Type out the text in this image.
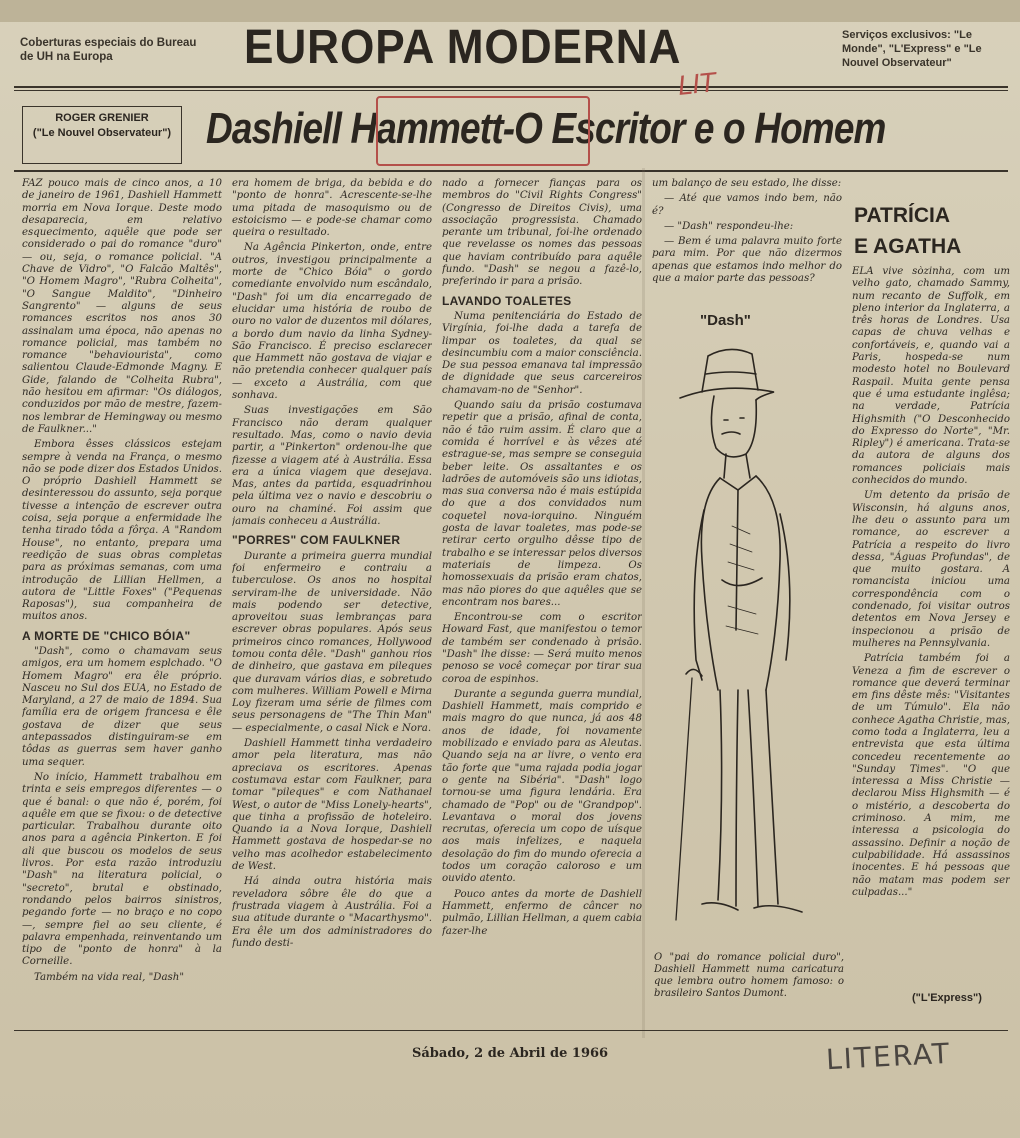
Coberturas especiais do Bureau de UH na Europa	EUROPA MODERNA	Serviços exclusivos: "Le Monde", "L'Express" e "Le Nouvel Observateur"
ROGER GRENIER
("Le Nouvel Observateur") Dashiell Hammett-O Escritor e o Homem
LIT

FAZ pouco mais de cinco anos, a 10 de janeiro de 1961, Dashiell Hammett morria em Nova Iorque. Deste modo desaparecia, em relativo esquecimento, aquêle que pode ser considerado o pai do romance "duro" — ou, seja, o romance policial. "A Chave de Vidro", "O Falcão Maltês", "O Homem Magro", "Rubra Colheita", "O Sangue Maldito", "Dinheiro Sangrento" — alguns de seus romances escritos nos anos 30 assinalam uma época, não apenas no romance policial, mas também no romance "behaviourista", como salientou Claude-Edmonde Magny. E Gide, falando de "Colheita Rubra", não hesitou em afirmar: "Os diálogos, conduzidos por mão de mestre, fazem-nos lembrar de Hemingway ou mesmo de Faulkner..."

Embora êsses clássicos estejam sempre à venda na França, o mesmo não se pode dizer dos Estados Unidos. O próprio Dashiell Hammett se desinteressou do assunto, seja porque tivesse a intenção de escrever outra coisa, seja porque a enfermidade lhe tenha tirado tôda a fôrça. A "Random House", no entanto, prepara uma reedição de suas obras completas para as próximas semanas, com uma introdução de Lillian Hellmen, a autora de "Little Foxes" ("Pequenas Raposas"), sua companheira de muitos anos.

A MORTE DE "CHICO BÓIA"

"Dash", como o chamavam seus amigos, era um homem esplchado. "O Homem Magro" era êle próprio. Nasceu no Sul dos EUA, no Estado de Maryland, a 27 de maio de 1894. Sua família era de origem francesa e êle gostava de dizer que seus antepassados distinguiram-se em tôdas as guerras sem haver ganho uma sequer.

No início, Hammett trabalhou em trinta e seis empregos diferentes — o que é banal: o que não é, porém, foi aquêle em que se fixou: o de detective particular. Trabalhou durante oito anos para a agência Pinkerton. E foi ali que buscou os modelos de seus livros. Por esta razão introduziu "Dash" na literatura policial, o "secreto", brutal e obstinado, rondando pelos bairros sinistros, pegando forte — no braço e no copo —, sempre fiel ao seu cliente, é palavra empenhada, reinventando um tipo de "ponto de honra" à la Corneille.

Também na vida real, "Dash"

era homem de briga, da bebida e do "ponto de honra". Acrescente-se-lhe uma pitada de masoquismo ou de estoicismo — e pode-se chamar como queira o resultado.

Na Agência Pinkerton, onde, entre outros, investigou principalmente a morte de "Chico Bóia" o gordo comediante envolvido num escândalo, "Dash" foi um dia encarregado de elucidar uma história de roubo de ouro no valor de duzentos mil dólares, a bordo dum navio da linha Sydney-São Francisco. É preciso esclarecer que Hammett não gostava de viajar e não pretendia conhecer qualquer país — exceto a Austrália, com que sonhava.

Suas investigações em São Francisco não deram qualquer resultado. Mas, como o navio devia partir, a "Pinkerton" ordenou-lhe que fizesse a viagem até à Austrália. Essa era a única viagem que desejava. Mas, antes da partida, esquadrinhou pela última vez o navio e descobriu o ouro na chaminé. Foi assim que jamais conheceu a Austrália.

"PORRES" COM FAULKNER

Durante a primeira guerra mundial foi enfermeiro e contraiu a tuberculose. Os anos no hospital serviram-lhe de universidade. Não mais podendo ser detective, aproveitou suas lembranças para escrever obras populares. Após seus primeiros cinco romances, Hollywood tomou conta dêle. "Dash" ganhou rios de dinheiro, que gastava em pileques que duravam vários dias, e sobretudo com mulheres. William Powell e Mirna Loy fizeram uma série de filmes com seus personagens de "The Thin Man" — especialmente, o casal Nick e Nora.

Dashiell Hammett tinha verdadeiro amor pela literatura, mas não apreciava os escritores. Apenas costumava estar com Faulkner, para tomar "pileques" e com Nathanael West, o autor de "Miss Lonely-hearts", que tinha a profissão de hoteleiro. Quando ia a Nova Iorque, Dashiell Hammett gostava de hospedar-se no velho mas acolhedor estabelecimento de West.

Há ainda outra história mais reveladora sôbre êle do que a frustrada viagem à Austrália. Foi a sua atitude durante o "Macarthysmo". Era êle um dos administradores do fundo desti-

nado a fornecer fianças para os membros do "Civil Rights Congress" (Congresso de Direitos Civis), uma associação progressista. Chamado perante um tribunal, foi-lhe ordenado que revelasse os nomes das pessoas que haviam contribuído para aquêle fundo. "Dash" se negou a fazê-lo, preferindo ir para a prisão.

LAVANDO TOALETES

Numa penitenciária do Estado de Virgínia, foi-lhe dada a tarefa de limpar os toaletes, da qual se desincumbiu com a maior consciência. De sua pessoa emanava tal impressão de dignidade que seus carcereiros chamavam-no de "Senhor".

Quando saiu da prisão costumava repetir que a prisão, afinal de conta, não é tão ruim assim. É claro que a comida é horrível e às vêzes até estrague-se, mas sempre se conseguia beber leite. Os assaltantes e os ladrões de automóveis são uns idiotas, mas sua conversa não é mais estúpida do que a dos convidados num coquetel nova-iorquino. Ninguém gosta de lavar toaletes, mas pode-se retirar certo orgulho dêsse tipo de trabalho e se interessar pelos diversos materiais de limpeza. Os homossexuais da prisão eram chatos, mas não piores do que aquêles que se encontram nos bares...

Encontrou-se com o escritor Howard Fast, que manifestou o temor de também ser condenado à prisão. "Dash" lhe disse: — Será muito menos penoso se você começar por tirar sua coroa de espinhos.

Durante a segunda guerra mundial, Dashiell Hammett, mais comprido e mais magro do que nunca, já aos 48 anos de idade, foi novamente mobilizado e enviado para as Aleutas. Quando seja na ar livre, o vento era tão forte que "uma rajada podia jogar o gente na Sibéria". "Dash" logo tornou-se uma figura lendária. Era chamado de "Pop" ou de "Grandpop". Levantava o moral dos jovens recrutas, oferecia um copo de uísque aos mais infelizes, e naquela desolação do fim do mundo oferecia a todos um coração caloroso e um ouvido atento.

Pouco antes da morte de Dashiell Hammett, enfermo de câncer no pulmão, Lillian Hellman, a quem cabia fazer-lhe

um balanço de seu estado, lhe disse:

— Até que vamos indo bem, não é?

— "Dash" respondeu-lhe:

— Bem é uma palavra muito forte para mim. Por que não dizermos apenas que estamos indo melhor do que a maior parte das pessoas?

"Dash"
O "pai do romance policial duro", Dashiell Hammett numa caricatura que lembra outro homem famoso: o brasileiro Santos Dumont.
PATRÍCIA
E AGATHA

ELA vive sòzinha, com um velho gato, chamado Sammy, num recanto de Suffolk, em pleno interior da Inglaterra, a três horas de Londres. Usa capas de chuva velhas e confortáveis, e, quando vai a Paris, hospeda-se num modesto hotel no Boulevard Raspail. Muita gente pensa que é uma estudante inglêsa; na verdade, Patrícia Highsmith ("O Desconhecido do Expresso do Norte", "Mr. Ripley") é americana. Trata-se da autora de alguns dos romances policiais mais conhecidos do mundo.

Um detento da prisão de Wisconsin, há alguns anos, lhe deu o assunto para um romance, ao escrever a Patrícia a respeito do livro dessa, "Águas Profundas", de que muito gostara. A romancista iniciou uma correspondência com o condenado, foi visitar outros detentos em Nova Jersey e inspecionou a prisão de mulheres na Pennsylvania.

Patrícia também foi a Veneza a fim de escrever o romance que deverá terminar em fins dêste mês: "Visitantes de um Túmulo". Ela não conhece Agatha Christie, mas, como toda a Inglaterra, leu a entrevista que esta última concedeu recentemente ao "Sunday Times". "O que interessa a Miss Christie — declarou Miss Highsmith — é o mistério, a descoberta do criminoso. A mim, me interessa a psicologia do assassino. Definir a noção de culpabilidade. Há assassinos inocentes. E há pessoas que não matam mas podem ser culpadas..."

("L'Express")
Sábado, 2 de Abril de 1966	LITERAT
